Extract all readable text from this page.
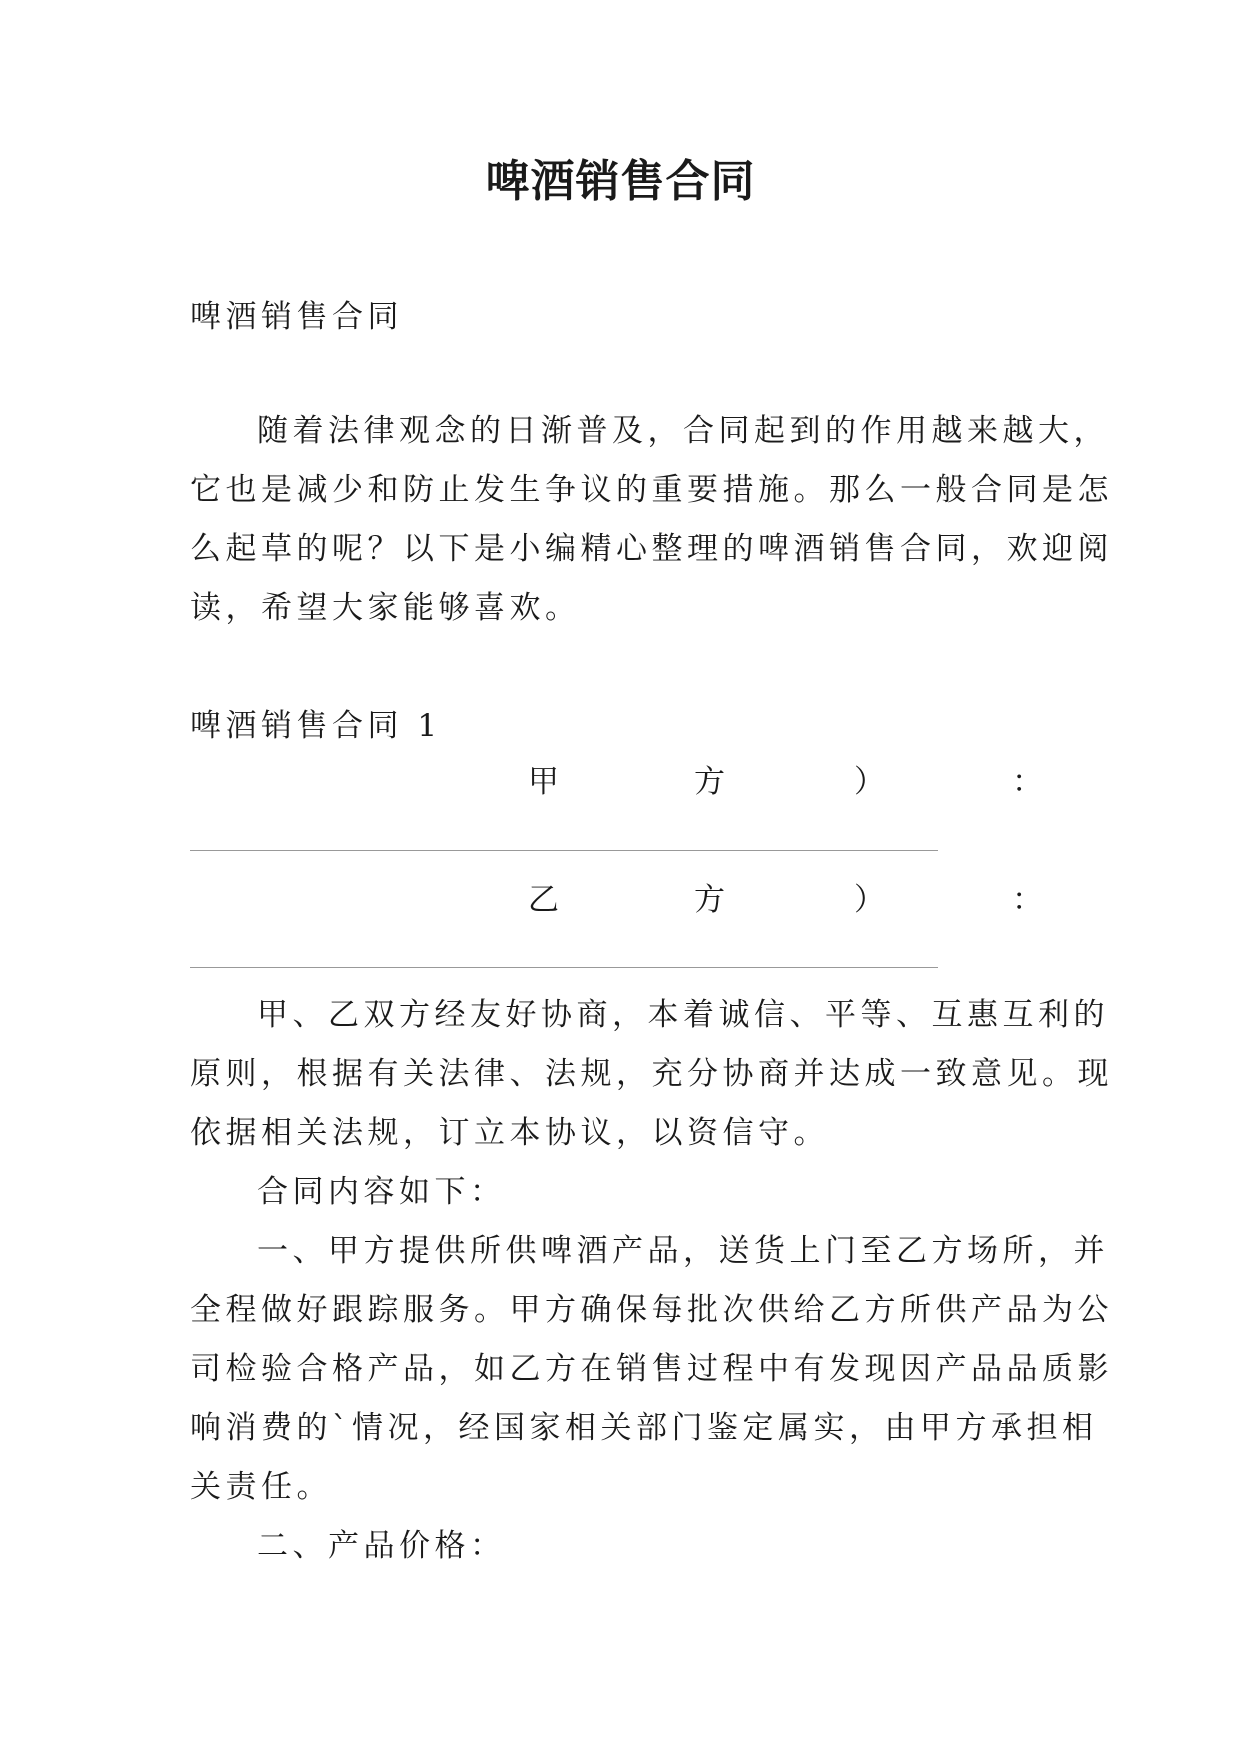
啤酒销售合同
啤酒销售合同
随着法律观念的日渐普及，合同起到的作用越来越大，
它也是减少和防止发生争议的重要措施。那么一般合同是怎
么起草的呢？以下是小编精心整理的啤酒销售合同，欢迎阅
读，希望大家能够喜欢。
啤酒销售合同 1
甲	方	）	：
乙	方	）	：
甲、乙双方经友好协商，本着诚信、平等、互惠互利的
原则，根据有关法律、法规，充分协商并达成一致意见。现
依据相关法规，订立本协议，以资信守。
合同内容如下：
一、甲方提供所供啤酒产品，送货上门至乙方场所，并
全程做好跟踪服务。甲方确保每批次供给乙方所供产品为公
司检验合格产品，如乙方在销售过程中有发现因产品品质影
响消费的`情况，经国家相关部门鉴定属实，由甲方承担相
关责任。
二、产品价格：
